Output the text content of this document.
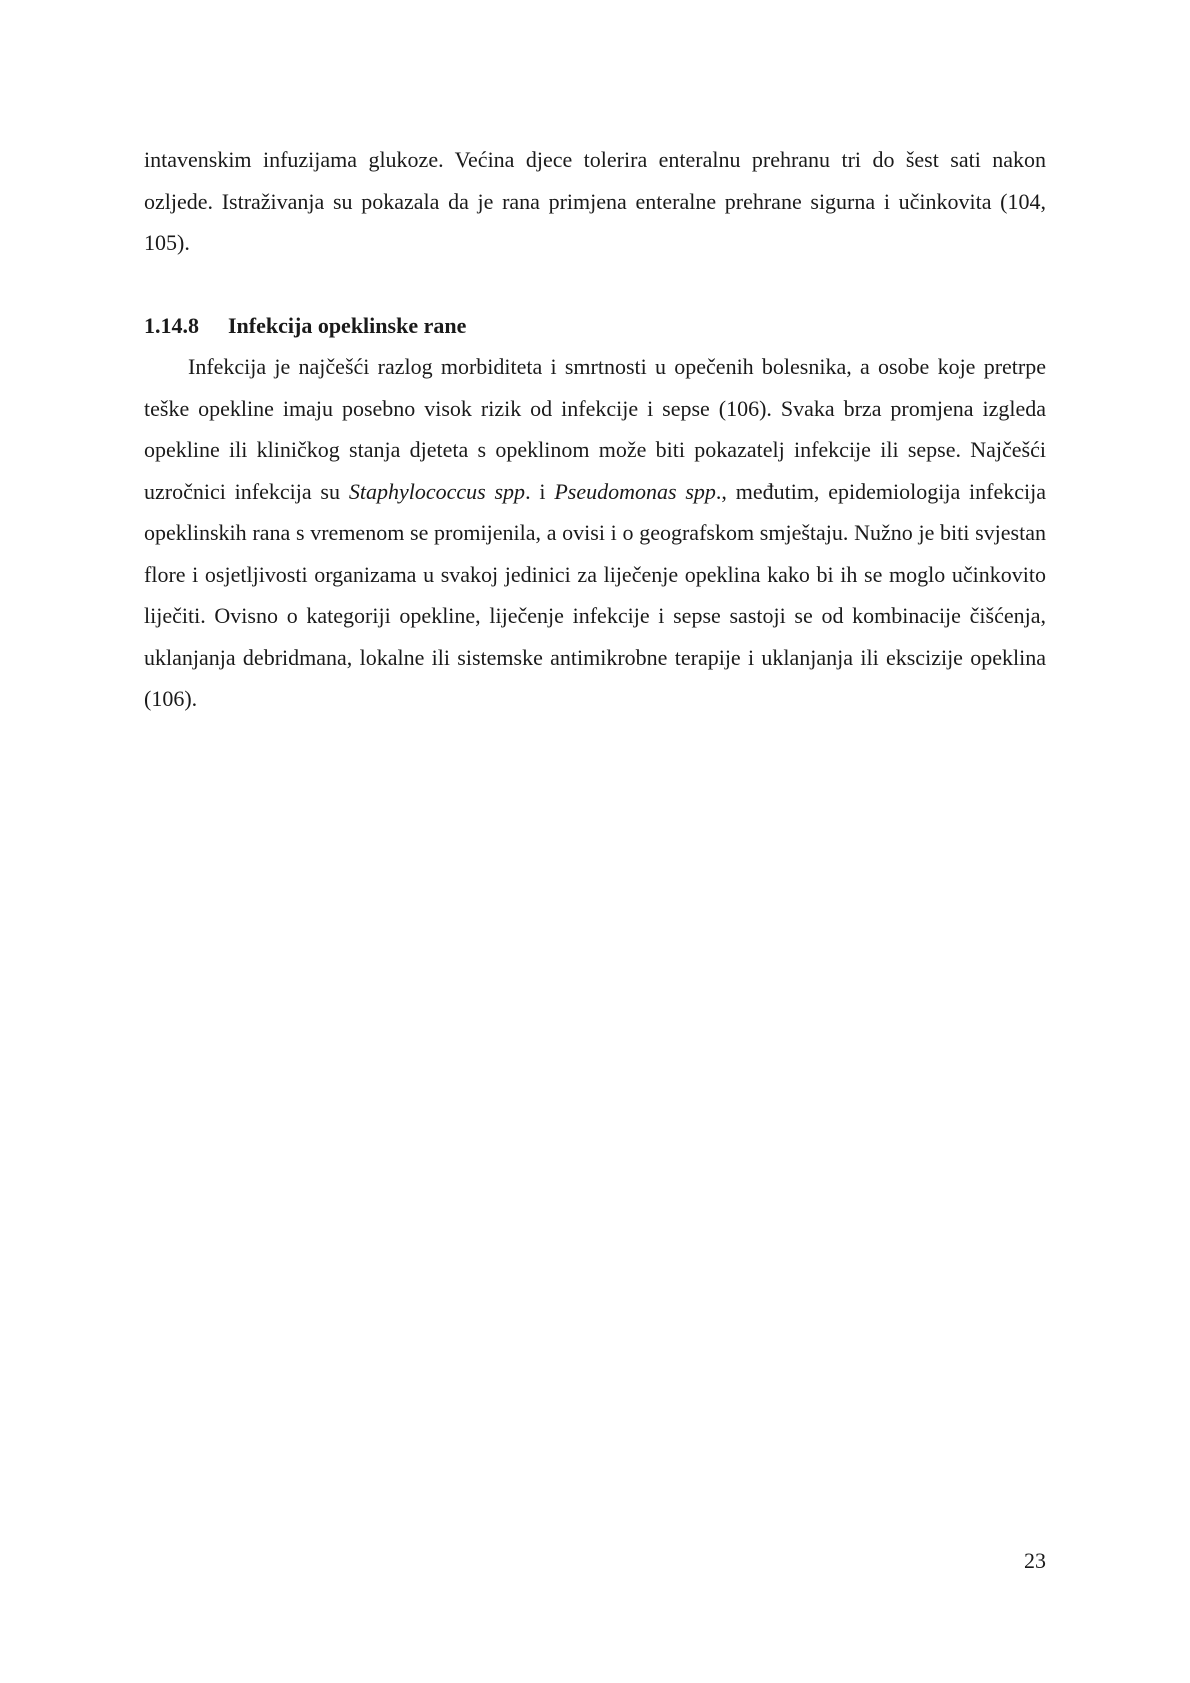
intavenskim infuzijama glukoze. Većina djece tolerira enteralnu prehranu tri do šest sati nakon ozljede. Istraživanja su pokazala da je rana primjena enteralne prehrane sigurna i učinkovita (104, 105).

1.14.8 Infekcija opeklinske rane

Infekcija je najčešći razlog morbiditeta i smrtnosti u opečenih bolesnika, a osobe koje pretrpe teške opekline imaju posebno visok rizik od infekcije i sepse (106). Svaka brza promjena izgleda opekline ili kliničkog stanja djeteta s opeklinom može biti pokazatelj infekcije ili sepse. Najčešći uzročnici infekcija su Staphylococcus spp. i Pseudomonas spp., međutim, epidemiologija infekcija opeklinskih rana s vremenom se promijenila, a ovisi i o geografskom smještaju. Nužno je biti svjestan flore i osjetljivosti organizama u svakoj jedinici za liječenje opeklina kako bi ih se moglo učinkovito liječiti. Ovisno o kategoriji opekline, liječenje infekcije i sepse sastoji se od kombinacije čišćenja, uklanjanja debridmana, lokalne ili sistemske antimikrobne terapije i uklanjanja ili ekscizije opeklina (106).

23
